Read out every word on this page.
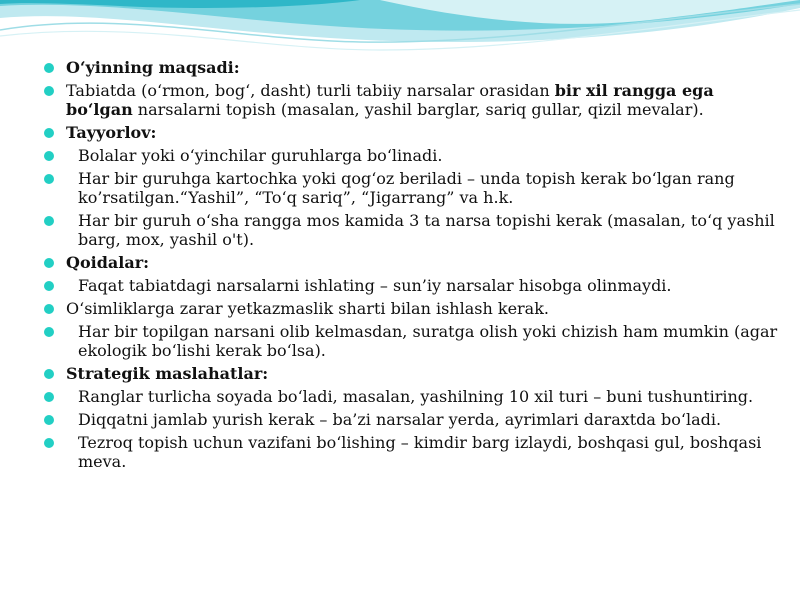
O‘yinning maqsadi:
Tabiatda (o‘rmon, bog‘, dasht) turli tabiiy narsalar orasidan bir xil rangga ega bo‘lgan narsalarni topish (masalan, yashil barglar, sariq gullar, qizil mevalar).
Tayyorlov:
Bolalar yoki o‘yinchilar guruhlarga bo‘linadi.
Har bir guruhga kartochka yoki qog‘oz beriladi – unda topish kerak bo‘lgan rang ko’rsatilgan.“Yashil”, “To‘q sariq”, “Jigarrang” va h.k.
Har bir guruh o‘sha rangga mos kamida 3 ta narsa topishi kerak (masalan, to‘q yashil barg, mox, yashil o't).
Qoidalar:
Faqat tabiatdagi narsalarni ishlating – sun’iy narsalar hisobga olinmaydi.
O‘simliklarga zarar yetkazmaslik sharti bilan ishlash kerak.
Har bir topilgan narsani olib kelmasdan, suratga olish yoki chizish ham mumkin (agar ekologik bo‘lishi kerak bo‘lsa).
Strategik maslahatlar:
Ranglar turlicha soyada bo‘ladi, masalan, yashilning 10 xil turi – buni tushuntiring.
Diqqatni jamlab yurish kerak – ba’zi narsalar yerda, ayrimlari daraxtda bo‘ladi.
Tezroq topish uchun vazifani bo‘lishing – kimdir barg izlaydi, boshqasi gul, boshqasi meva.
